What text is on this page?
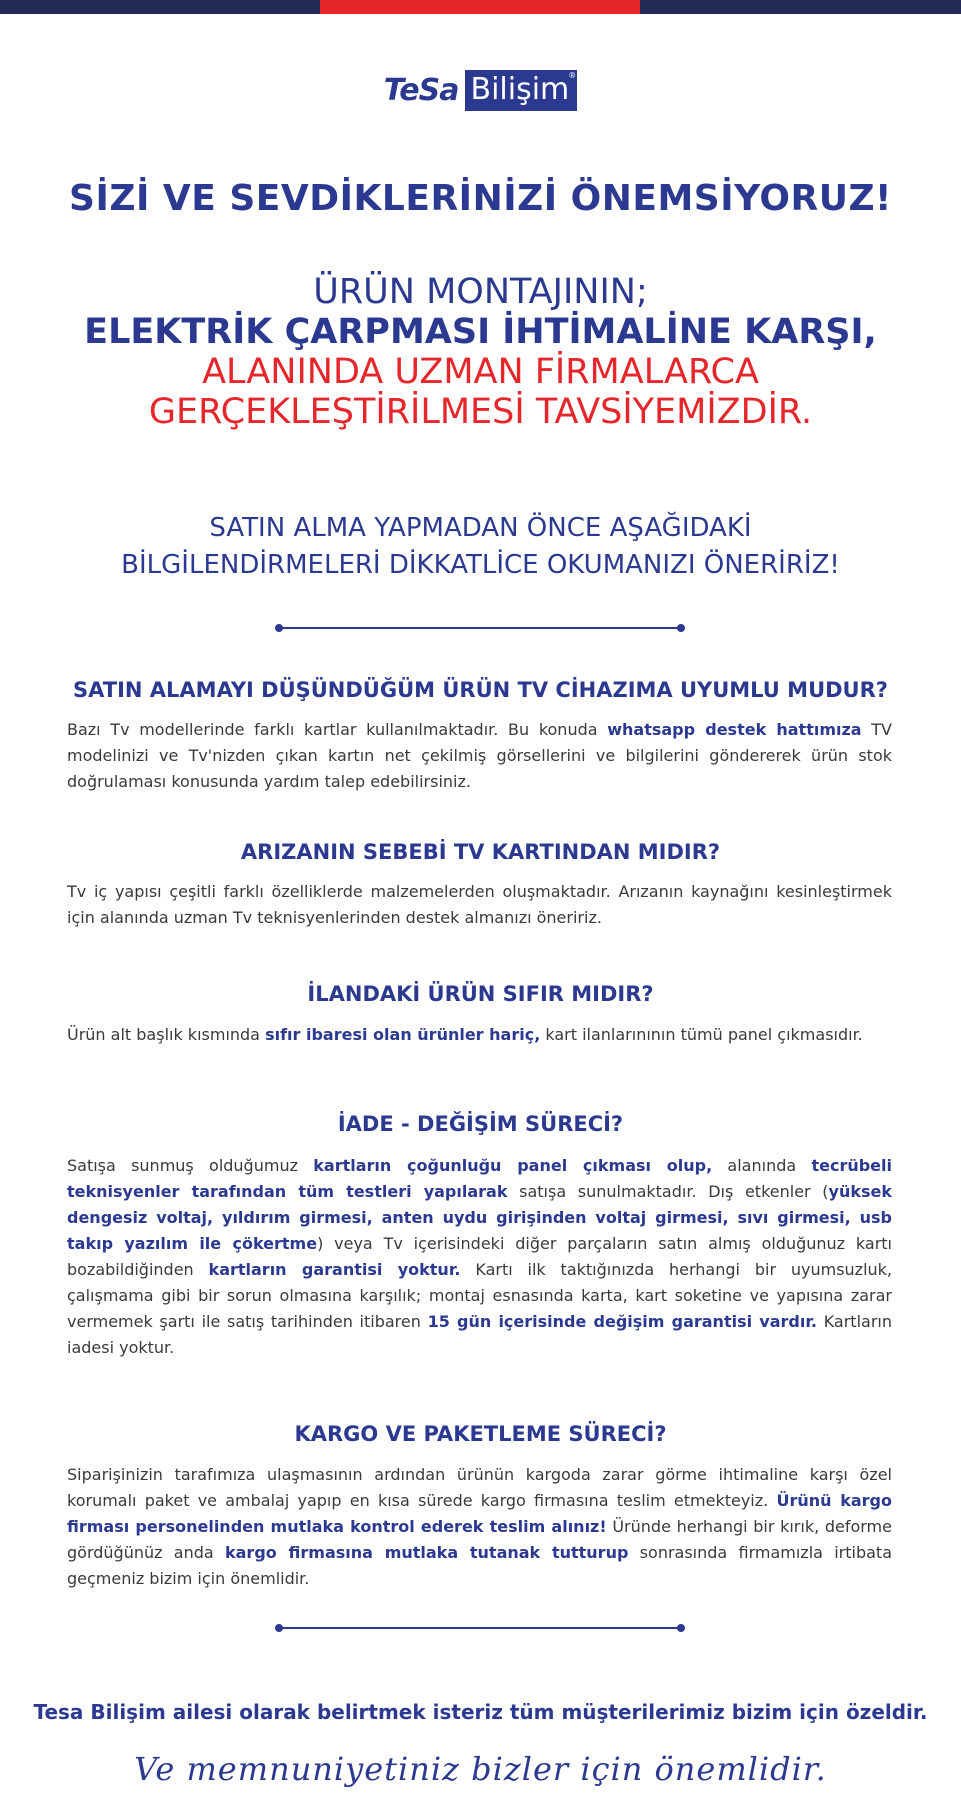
TeSa Bilişim ®
SİZİ VE SEVDİKLERİNİZİ ÖNEMSİYORUZ!
ÜRÜN MONTAJININ;
ELEKTRİK ÇARPMASI İHTİMALİNE KARŞI,
ALANINDA UZMAN FİRMALARCA
GERÇEKLEŞTİRİLMESİ TAVSİYEMİZDİR.
SATIN ALMA YAPMADAN ÖNCE AŞAĞIDAKİ
BİLGİLENDİRMELERİ DİKKATLİCE OKUMANIZI ÖNERİRİZ!
SATIN ALAMAYI DÜŞÜNDÜĞÜM ÜRÜN TV CİHAZIMA UYUMLU MUDUR?
Bazı Tv modellerinde farklı kartlar kullanılmaktadır. Bu konuda whatsapp destek hattımıza TV modelinizi ve Tv'nizden çıkan kartın net çekilmiş görsellerini ve bilgilerini göndererek ürün stok doğrulaması konusunda yardım talep edebilirsiniz.
ARIZANIN SEBEBİ TV KARTINDAN MIDIR?
Tv iç yapısı çeşitli farklı özelliklerde malzemelerden oluşmaktadır. Arızanın kaynağını kesinleştirmek için alanında uzman Tv teknisyenlerinden destek almanızı öneririz.
İLANDAKİ ÜRÜN SIFIR MIDIR?
Ürün alt başlık kısmında sıfır ibaresi olan ürünler hariç, kart ilanlarınının tümü panel çıkmasıdır.
İADE - DEĞİŞİM SÜRECİ?
Satışa sunmuş olduğumuz kartların çoğunluğu panel çıkması olup, alanında tecrübeli teknisyenler tarafından tüm testleri yapılarak satışa sunulmaktadır. Dış etkenler (yüksek dengesiz voltaj, yıldırım girmesi, anten uydu girişinden voltaj girmesi, sıvı girmesi, usb takıp yazılım ile çökertme) veya Tv içerisindeki diğer parçaların satın almış olduğunuz kartı bozabildiğinden kartların garantisi yoktur. Kartı ilk taktığınızda herhangi bir uyumsuzluk, çalışmama gibi bir sorun olmasına karşılık; montaj esnasında karta, kart soketine ve yapısına zarar vermemek şartı ile satış tarihinden itibaren 15 gün içerisinde değişim garantisi vardır. Kartların iadesi yoktur.
KARGO VE PAKETLEME SÜRECİ?
Siparişinizin tarafımıza ulaşmasının ardından ürünün kargoda zarar görme ihtimaline karşı özel korumalı paket ve ambalaj yapıp en kısa sürede kargo firmasına teslim etmekteyiz. Ürünü kargo firması personelinden mutlaka kontrol ederek teslim alınız! Üründe herhangi bir kırık, deforme gördüğünüz anda kargo firmasına mutlaka tutanak tutturup sonrasında firmamızla irtibata geçmeniz bizim için önemlidir.
Tesa Bilişim ailesi olarak belirtmek isteriz tüm müşterilerimiz bizim için özeldir.
Ve memnuniyetiniz bizler için önemlidir.
